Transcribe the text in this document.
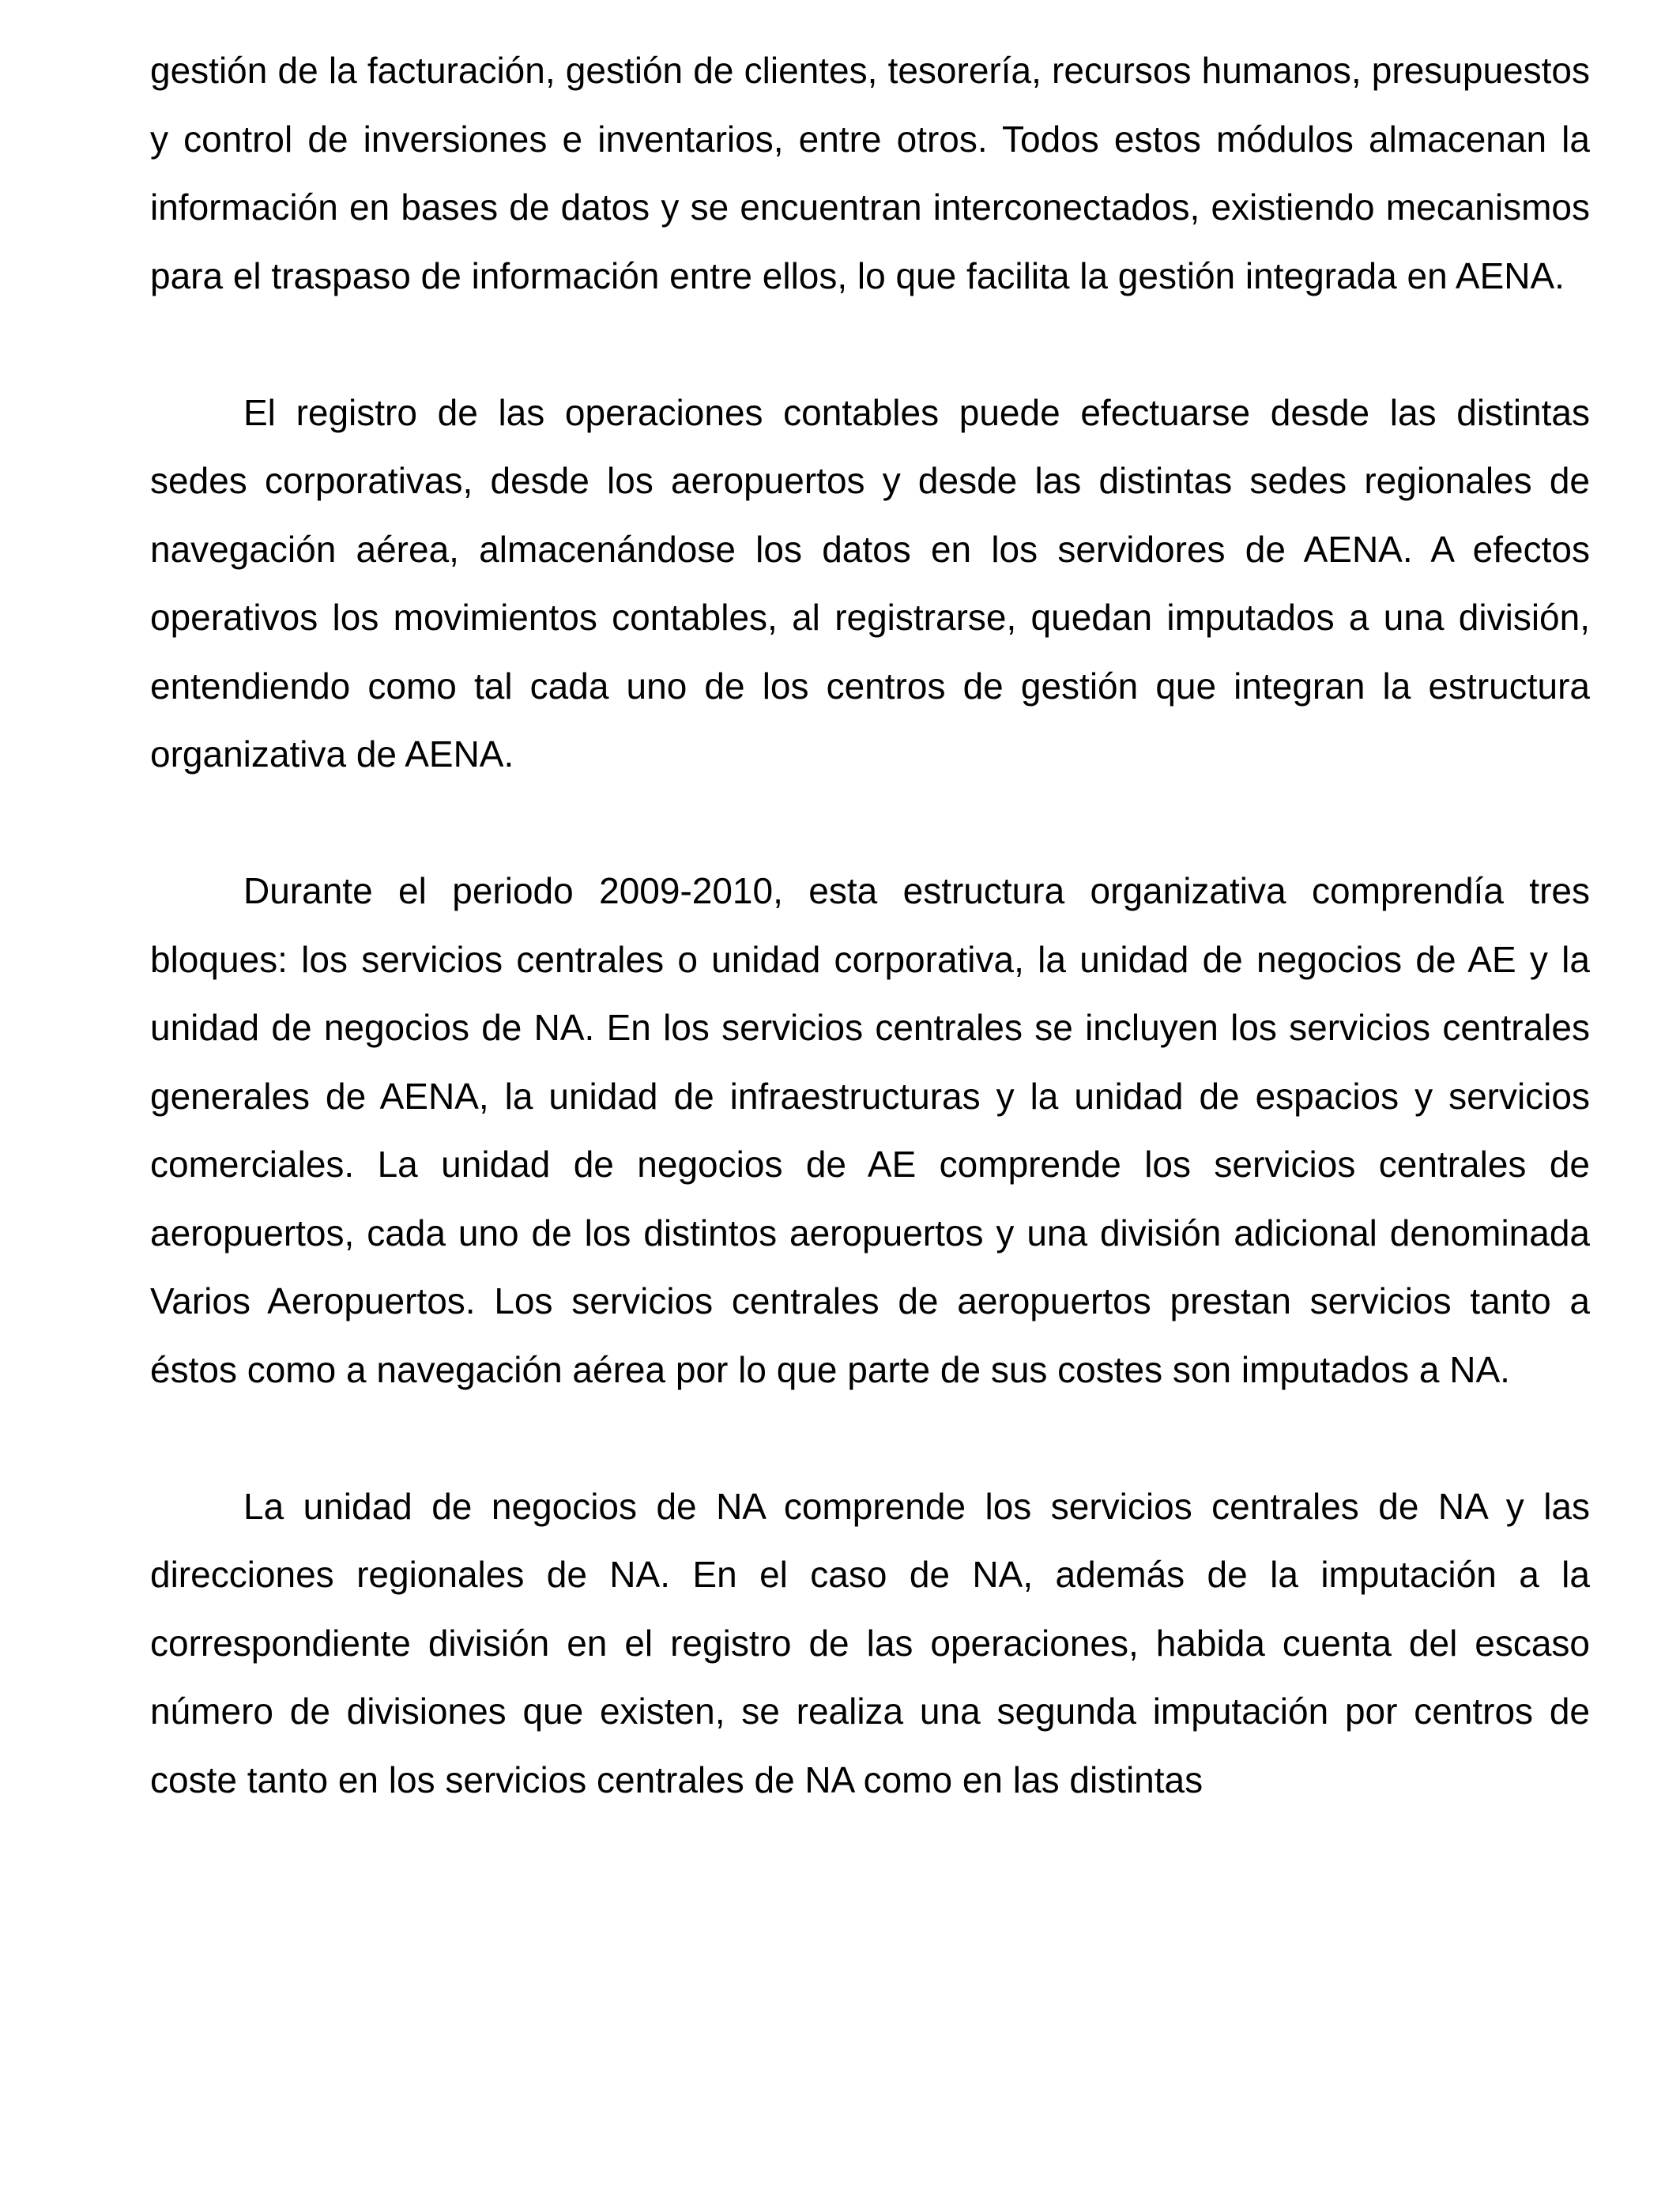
gestión de la facturación, gestión de clientes, tesorería, recursos humanos, presupuestos y control de inversiones e inventarios, entre otros. Todos estos módulos almacenan la información en bases de datos y se encuentran interconectados, existiendo mecanismos para el traspaso de información entre ellos, lo que facilita la gestión integrada en AENA.

El registro de las operaciones contables puede efectuarse desde las distintas sedes corporativas, desde los aeropuertos y desde las distintas sedes regionales de navegación aérea, almacenándose los datos en los servidores de AENA. A efectos operativos los movimientos contables, al registrarse, quedan imputados a una división, entendiendo como tal cada uno de los centros de gestión que integran la estructura organizativa de AENA.

Durante el periodo 2009-2010, esta estructura organizativa comprendía tres bloques: los servicios centrales o unidad corporativa, la unidad de negocios de AE y la unidad de negocios de NA. En los servicios centrales se incluyen los servicios centrales generales de AENA, la unidad de infraestructuras y la unidad de espacios y servicios comerciales. La unidad de negocios de AE comprende los servicios centrales de aeropuertos, cada uno de los distintos aeropuertos y una división adicional denominada Varios Aeropuertos. Los servicios centrales de aeropuertos prestan servicios tanto a éstos como a navegación aérea por lo que parte de sus costes son imputados a NA.

La unidad de negocios de NA comprende los servicios centrales de NA y las direcciones regionales de NA. En el caso de NA, además de la imputación a la correspondiente división en el registro de las operaciones, habida cuenta del escaso número de divisiones que existen, se realiza una segunda imputación por centros de coste tanto en los servicios centrales de NA como en las distintas
